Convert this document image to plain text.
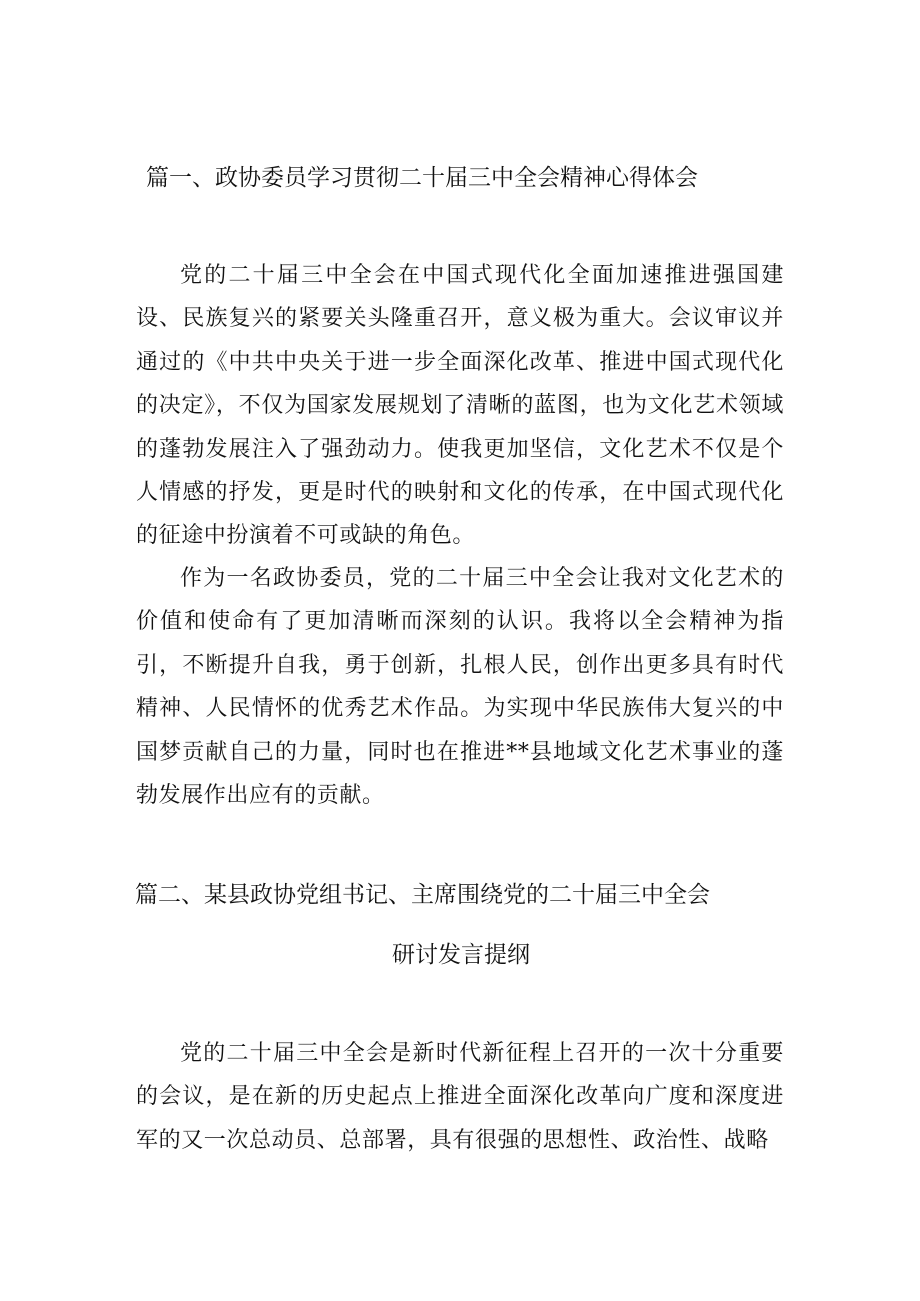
篇一、政协委员学习贯彻二十届三中全会精神心得体会

党的二十届三中全会在中国式现代化全面加速推进强国建设、民族复兴的紧要关头隆重召开，意义极为重大。会议审议并通过的《中共中央关于进一步全面深化改革、推进中国式现代化的决定》，不仅为国家发展规划了清晰的蓝图，也为文化艺术领域的蓬勃发展注入了强劲动力。使我更加坚信，文化艺术不仅是个人情感的抒发，更是时代的映射和文化的传承，在中国式现代化的征途中扮演着不可或缺的角色。

作为一名政协委员，党的二十届三中全会让我对文化艺术的价值和使命有了更加清晰而深刻的认识。我将以全会精神为指引，不断提升自我，勇于创新，扎根人民，创作出更多具有时代精神、人民情怀的优秀艺术作品。为实现中华民族伟大复兴的中国梦贡献自己的力量，同时也在推进**县地域文化艺术事业的蓬勃发展作出应有的贡献。

篇二、某县政协党组书记、主席围绕党的二十届三中全会
研讨发言提纲

党的二十届三中全会是新时代新征程上召开的一次十分重要的会议，是在新的历史起点上推进全面深化改革向广度和深度进军的又一次总动员、总部署，具有很强的思想性、政治性、战略
